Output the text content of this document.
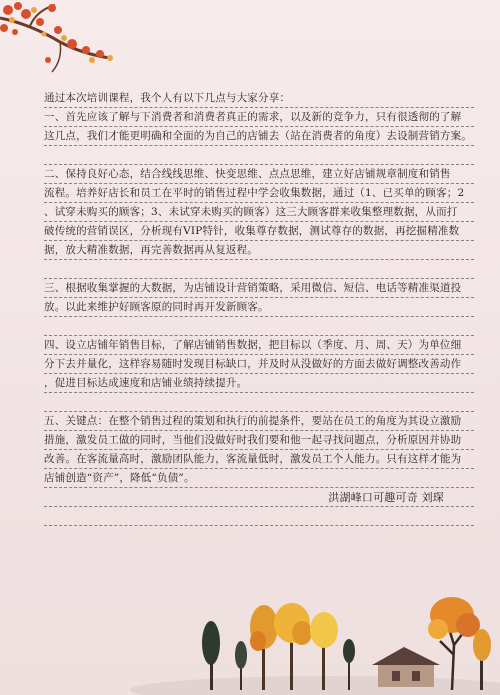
通过本次培训课程，我个人有以下几点与大家分享：
一、首先应该了解与下消费者和消费者真正的需求，以及新的竞争力，只有很透彻的了解
这几点，我们才能更明确和全面的为自己的店铺去（站在消费者的角度）去设制营销方案。
二、保持良好心态，结合线线思维、快变思维、点点思维，建立好店铺规章制度和销售
流程。培养好店长和员工在平时的销售过程中学会收集数据，通过（1、已买单的顾客；2
、试穿未购买的顾客；3、未试穿未购买的顾客）这三大顾客群来收集整理数据，从而打
破传统的营销误区，分析现有VIP特针，收集尊存数据，测试尊存的数据，再挖掘精准数
据，放大精准数据，再完善数据再从复返程。
三、根据收集掌握的大数据，为店铺设计营销策略，采用微信、短信、电话等精准渠道投
放。以此来维护好顾客原的同时再开发新顾客。
四、设立店铺年销售目标，了解店铺销售数据，把目标以（季度、月、周、天）为单位细
分下去并量化，这样容易随时发现目标缺口，并及时从没做好的方面去做好调整改善动作
，促进目标达成速度和店铺业绩持续提升。
五、关键点：在整个销售过程的策划和执行的前提条件，要站在员工的角度为其设立激励
措施，激发员工做的同时，当他们没做好时我们要和他一起寻找问题点，分析原因并协助
改善。在客流量高时，激励团队能力，客流量低时，激发员工个人能力。只有这样才能为
店铺创造“资产”，降低“负债”。
洪湖峰口可趣可奇 刘琛
